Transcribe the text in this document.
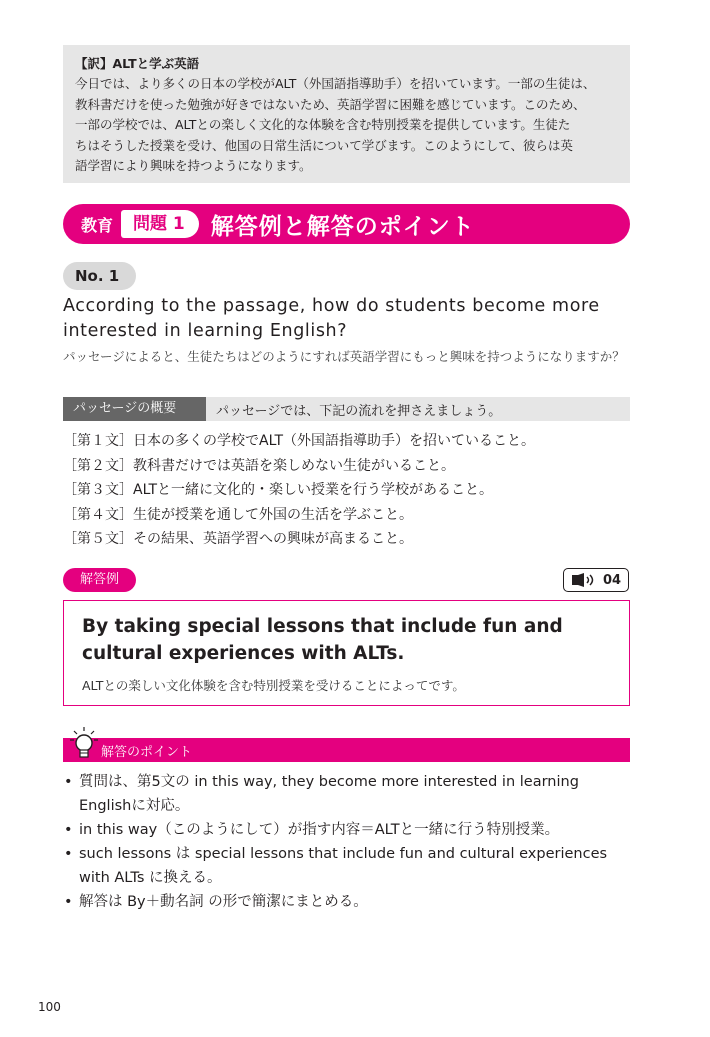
【訳】ALTと学ぶ英語
今日では、より多くの日本の学校がALT（外国語指導助手）を招いています。一部の生徒は、
教科書だけを使った勉強が好きではないため、英語学習に困難を感じています。このため、
一部の学校では、ALTとの楽しく文化的な体験を含む特別授業を提供しています。生徒た
ちはそうした授業を受け、他国の日常生活について学びます。このようにして、彼らは英
語学習により興味を持つようになります。
教育	問題 1	解答例と解答のポイント
No. 1
According to the passage, how do students become more interested in learning English?
パッセージによると、生徒たちはどのようにすれば英語学習にもっと興味を持つようになりますか？
パッセージの概要	パッセージでは、下記の流れを押さえましょう。
［第１文］日本の多くの学校でALT（外国語指導助手）を招いていること。
［第２文］教科書だけでは英語を楽しめない生徒がいること。
［第３文］ALTと一緒に文化的・楽しい授業を行う学校があること。
［第４文］生徒が授業を通して外国の生活を学ぶこと。
［第５文］その結果、英語学習への興味が高まること。
解答例	04
By taking special lessons that include fun and cultural experiences with ALTs.
ALTとの楽しい文化体験を含む特別授業を受けることによってです。
解答のポイント
• 質問は、第5文の in this way, they become more interested in learning Englishに対応。
• in this way（このようにして）が指す内容＝ALTと一緒に行う特別授業。
• such lessons は special lessons that include fun and cultural experiences with ALTs に換える。
• 解答は By＋動名詞 の形で簡潔にまとめる。
100
